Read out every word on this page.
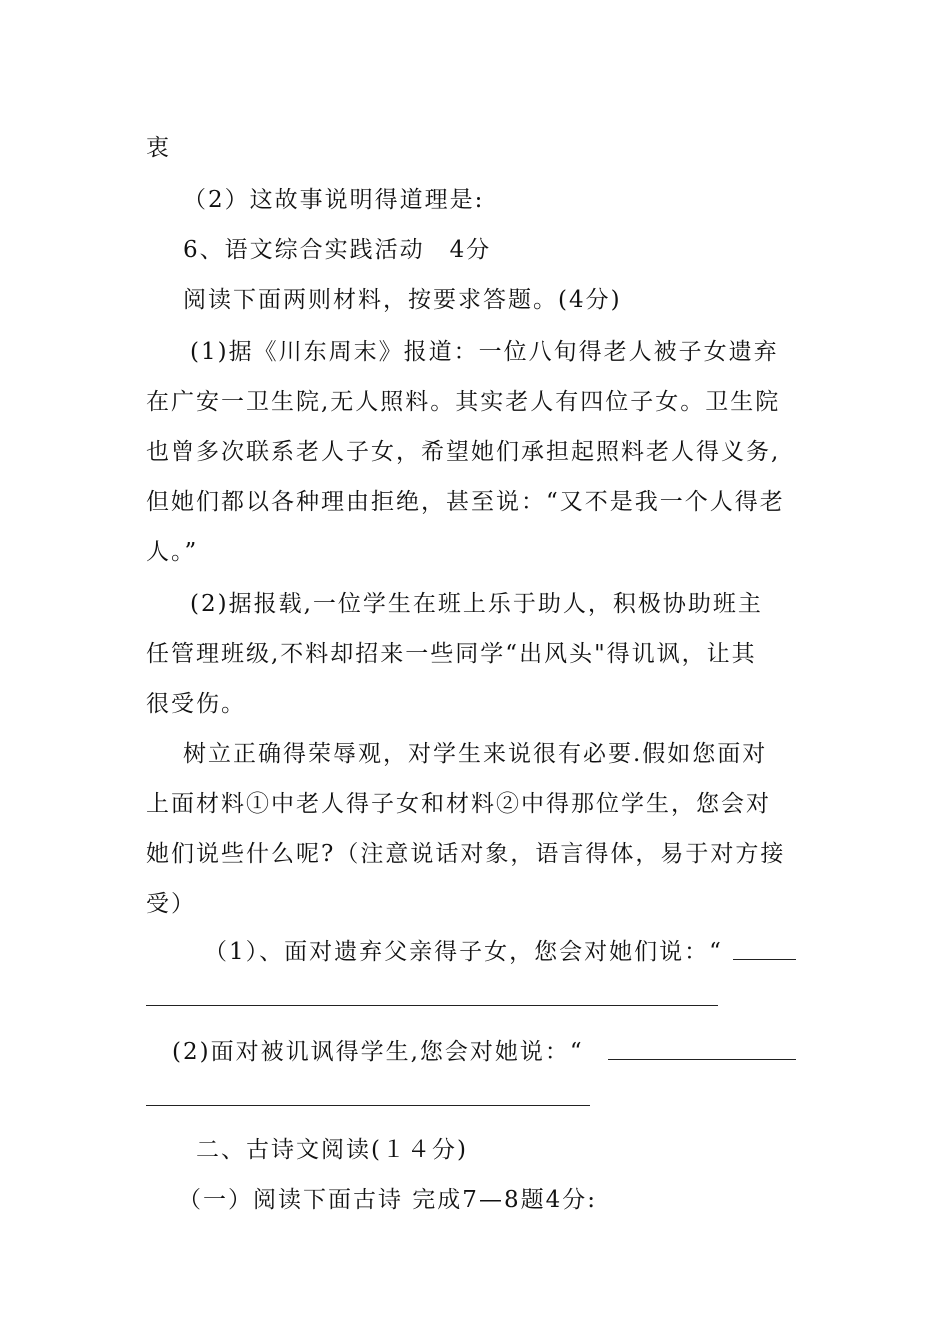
衷
（2）这故事说明得道理是:
6、语文综合实践活动　4分
阅读下面两则材料，按要求答题。(4分)
(1)据《川东周末》报道：一位八旬得老人被子女遗弃
在广安一卫生院,无人照料。其实老人有四位子女。卫生院
也曾多次联系老人子女，希望她们承担起照料老人得义务,
但她们都以各种理由拒绝，甚至说：“又不是我一个人得老
人。”
(2)据报载,一位学生在班上乐于助人，积极协助班主
任管理班级,不料却招来一些同学“出风头"得讥讽，让其
很受伤。
树立正确得荣辱观，对学生来说很有必要.假如您面对
上面材料①中老人得子女和材料②中得那位学生，您会对
她们说些什么呢?（注意说话对象，语言得体，易于对方接
受）
（1）、面对遗弃父亲得子女，您会对她们说：“
(2)面对被讥讽得学生,您会对她说：“
二、古诗文阅读(１４分)
（一）阅读下面古诗 完成7—8题4分:
